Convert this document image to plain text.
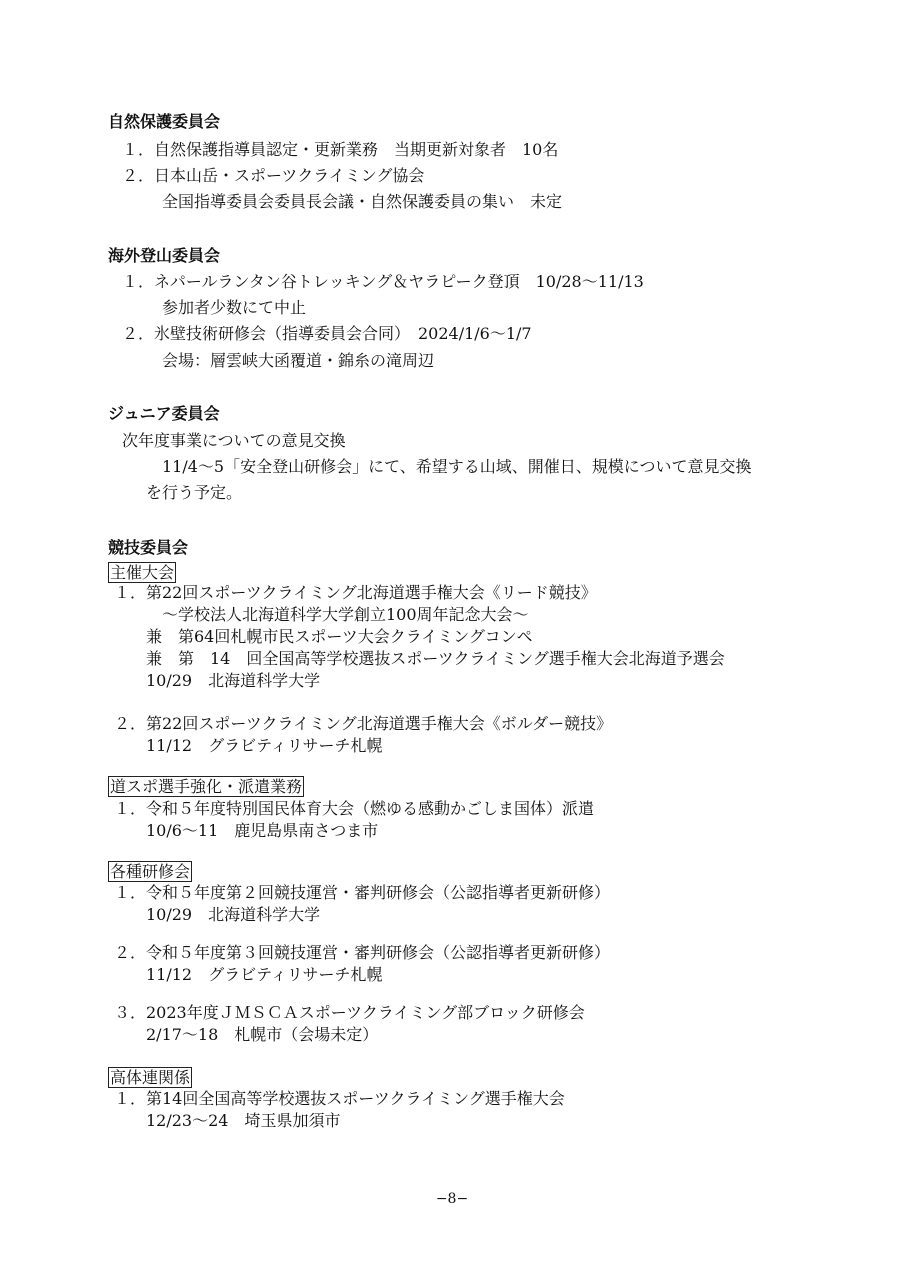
自然保護委員会
１．自然保護指導員認定・更新業務　当期更新対象者　10名
２．日本山岳・スポーツクライミング協会
全国指導委員会委員長会議・自然保護委員の集い　未定
海外登山委員会
１．ネパールランタン谷トレッキング＆ヤラピーク登頂　10/28〜11/13
参加者少数にて中止
２．氷壁技術研修会（指導委員会合同）　2024/1/6〜1/7
会場：層雲峡大函覆道・錦糸の滝周辺
ジュニア委員会
次年度事業についての意見交換
11/4〜5「安全登山研修会」にて、希望する山域、開催日、規模について意見交換
を行う予定。
競技委員会
主催大会
１．第22回スポーツクライミング北海道選手権大会《リード競技》
〜学校法人北海道科学大学創立100周年記念大会〜
兼　第64回札幌市民スポーツ大会クライミングコンペ
兼　第　14　回全国高等学校選抜スポーツクライミング選手権大会北海道予選会
10/29　北海道科学大学
２．第22回スポーツクライミング北海道選手権大会《ボルダー競技》
11/12　グラビティリサーチ札幌
道スポ選手強化・派遣業務
１．令和５年度特別国民体育大会（燃ゆる感動かごしま国体）派遣
10/6〜11　鹿児島県南さつま市
各種研修会
１．令和５年度第２回競技運営・審判研修会（公認指導者更新研修）
10/29　北海道科学大学
２．令和５年度第３回競技運営・審判研修会（公認指導者更新研修）
11/12　グラビティリサーチ札幌
３．2023年度ＪＭＳＣＡスポーツクライミング部ブロック研修会
2/17〜18　札幌市（会場未定）
高体連関係
１．第14回全国高等学校選抜スポーツクライミング選手権大会
12/23〜24　埼玉県加須市
−8−
